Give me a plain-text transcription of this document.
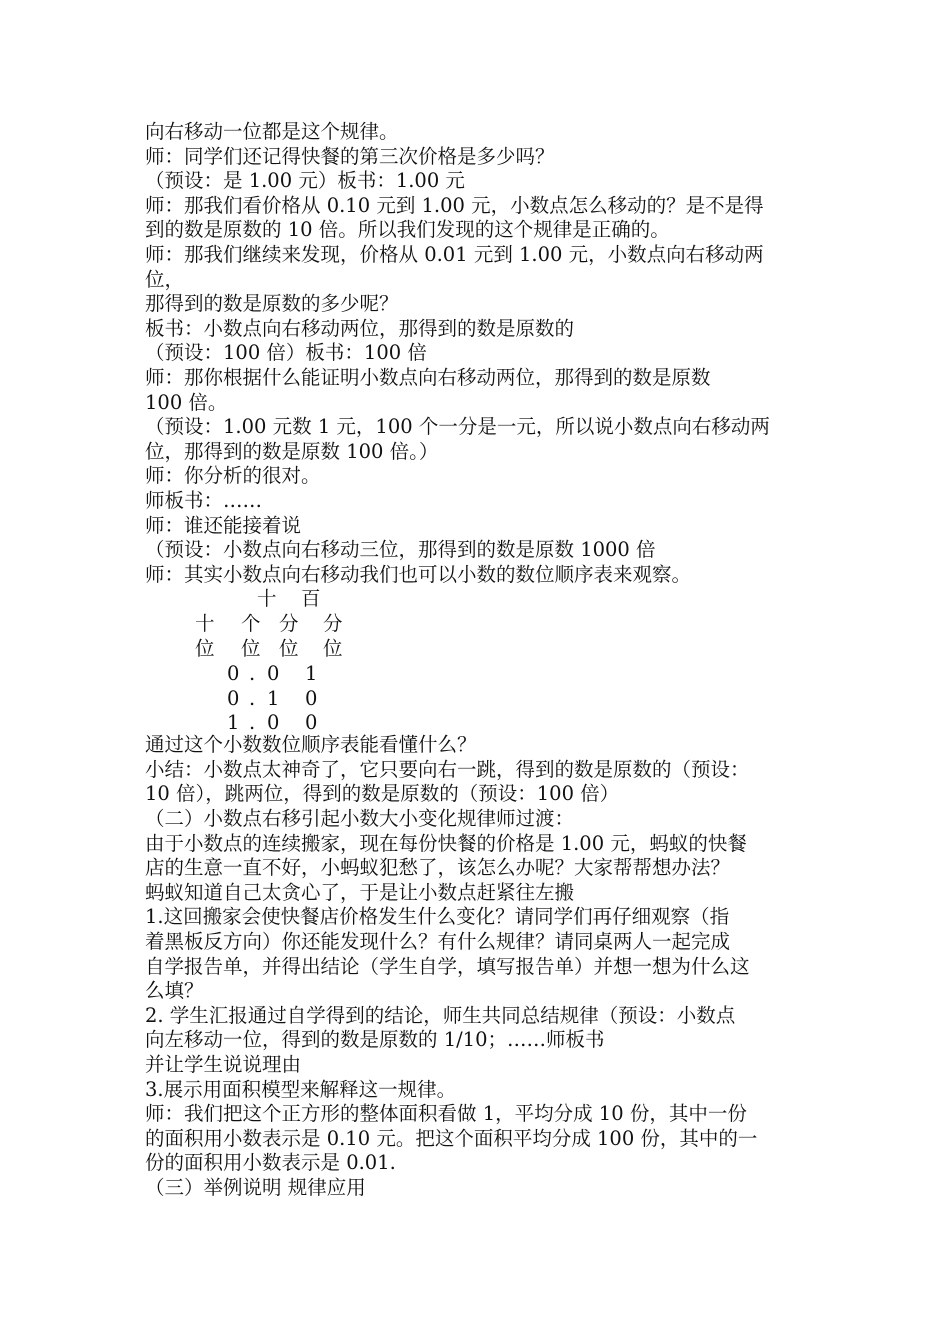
向右移动一位都是这个规律。
师：同学们还记得快餐的第三次价格是多少吗？
（预设：是 1.00 元）板书：1.00 元
师：那我们看价格从 0.10 元到 1.00 元，小数点怎么移动的？是不是得
到的数是原数的 10 倍。所以我们发现的这个规律是正确的。
师：那我们继续来发现，价格从 0.01 元到 1.00 元，小数点向右移动两
位，
那得到的数是原数的多少呢？
板书：小数点向右移动两位，那得到的数是原数的
（预设：100 倍）板书：100 倍
师：那你根据什么能证明小数点向右移动两位，那得到的数是原数
100 倍。
（预设：1.00 元数 1 元，100 个一分是一元，所以说小数点向右移动两
位，那得到的数是原数 100 倍。）
师：你分析的很对。
师板书：……
师：谁还能接着说
（预设：小数点向右移动三位，那得到的数是原数 1000 倍
师：其实小数点向右移动我们也可以小数的数位顺序表来观察。
十 百
十 个 分 分
位 位 位 位
0 . 0 1
0 . 1 0
1 . 0 0
通过这个小数数位顺序表能看懂什么？
小结：小数点太神奇了，它只要向右一跳，得到的数是原数的（预设：
10 倍），跳两位，得到的数是原数的（预设：100 倍）
（二）小数点右移引起小数大小变化规律师过渡：
由于小数点的连续搬家，现在每份快餐的价格是 1.00 元，蚂蚁的快餐
店的生意一直不好，小蚂蚁犯愁了，该怎么办呢？大家帮帮想办法？
蚂蚁知道自己太贪心了，于是让小数点赶紧往左搬
1.这回搬家会使快餐店价格发生什么变化？请同学们再仔细观察（指
着黑板反方向）你还能发现什么？有什么规律？请同桌两人一起完成
自学报告单，并得出结论（学生自学，填写报告单）并想一想为什么这
么填？
2. 学生汇报通过自学得到的结论，师生共同总结规律（预设：小数点
向左移动一位，得到的数是原数的 1/10；……师板书
并让学生说说理由
3.展示用面积模型来解释这一规律。
师：我们把这个正方形的整体面积看做 1，平均分成 10 份，其中一份
的面积用小数表示是 0.10 元。把这个面积平均分成 100 份，其中的一
份的面积用小数表示是 0.01.
（三）举例说明 规律应用
